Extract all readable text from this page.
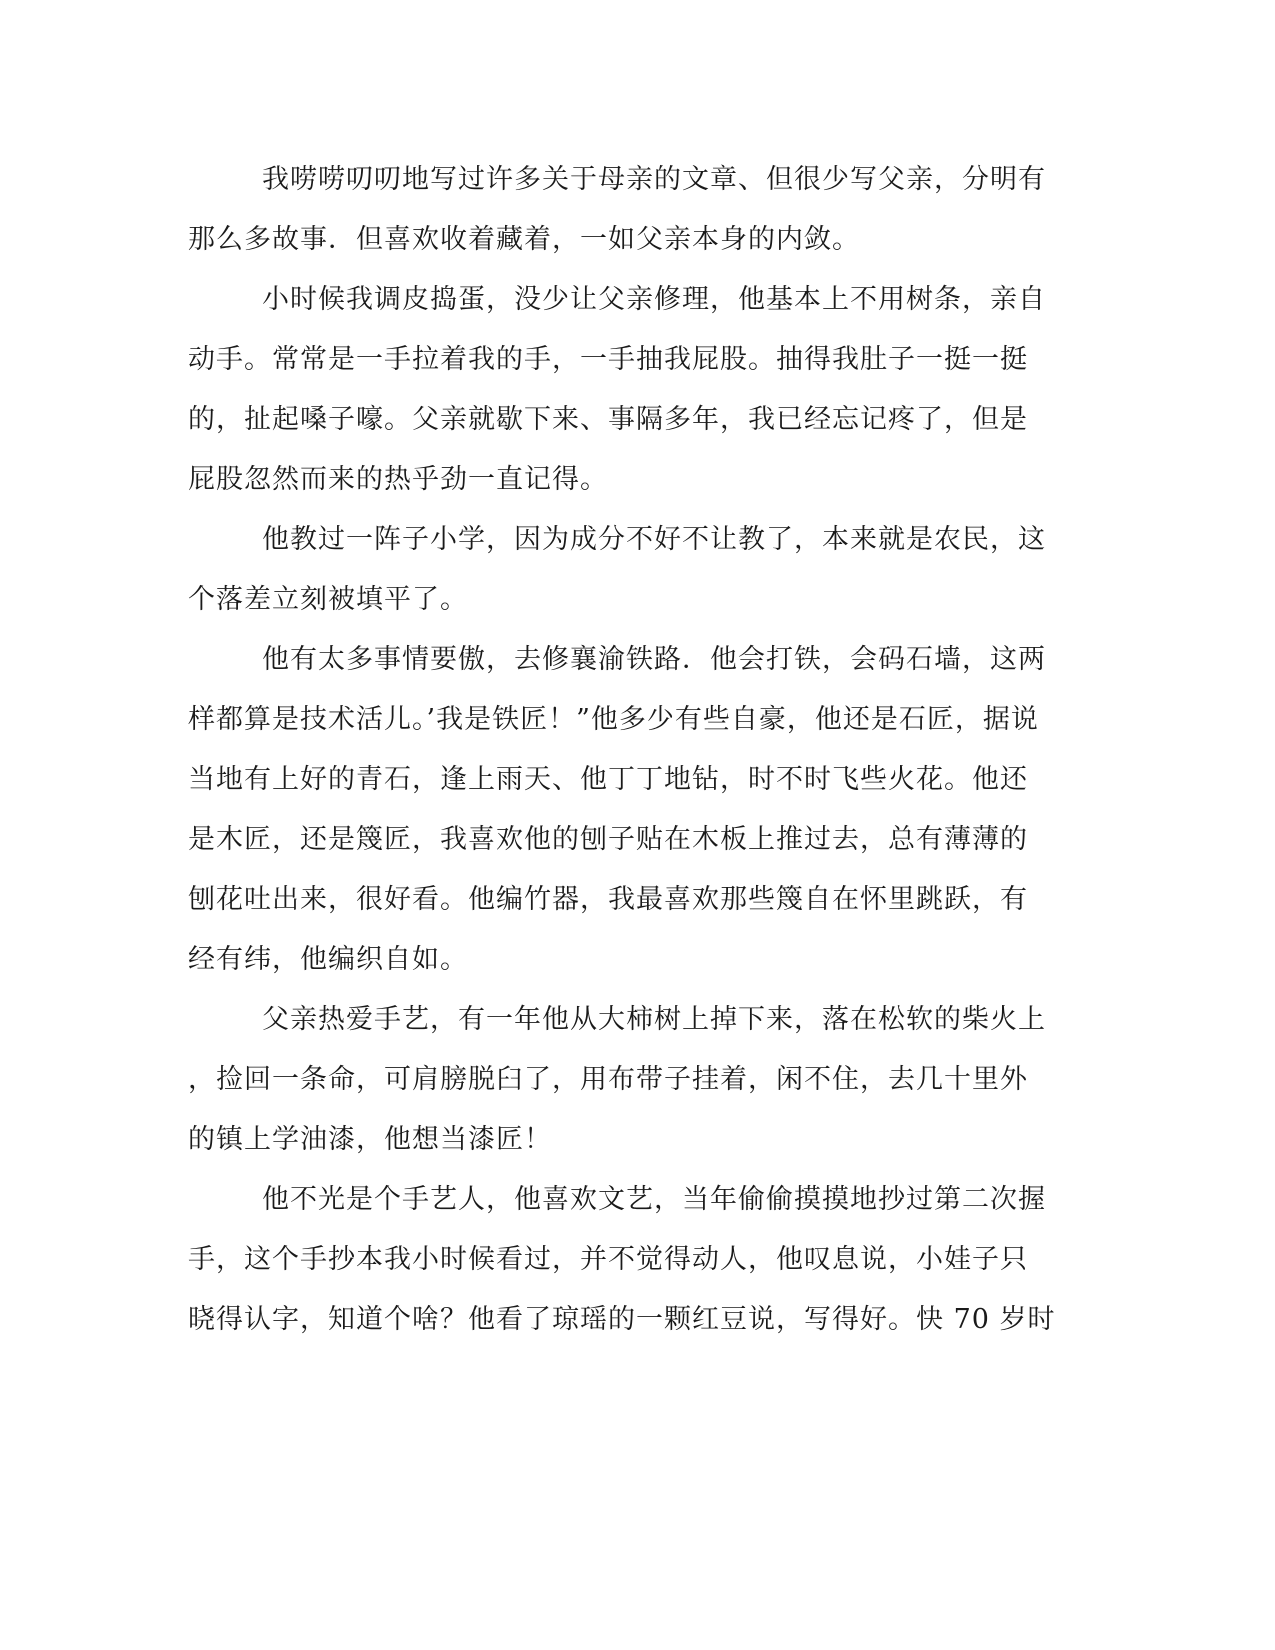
我唠唠叨叨地写过许多关于母亲的文章、但很少写父亲，分明有
那么多故事．但喜欢收着藏着，一如父亲本身的内敛。
小时候我调皮捣蛋，没少让父亲修理，他基本上不用树条，亲自
动手。常常是一手拉着我的手，一手抽我屁股。抽得我肚子一挺一挺
的，扯起嗓子嚎。父亲就歇下来、事隔多年，我已经忘记疼了，但是
屁股忽然而来的热乎劲一直记得。
他教过一阵子小学，因为成分不好不让教了，本来就是农民，这
个落差立刻被填平了。
他有太多事情要傲，去修襄渝铁路．他会打铁，会码石墙，这两
样都算是技术活儿。’我是铁匠！”他多少有些自豪，他还是石匠，据说
当地有上好的青石，逢上雨天、他丁丁地钻，时不时飞些火花。他还
是木匠，还是篾匠，我喜欢他的刨子贴在木板上推过去，总有薄薄的
刨花吐出来，很好看。他编竹器，我最喜欢那些篾自在怀里跳跃，有
经有纬，他编织自如。
父亲热爱手艺，有一年他从大柿树上掉下来，落在松软的柴火上
，捡回一条命，可肩膀脱臼了，用布带子挂着，闲不住，去几十里外
的镇上学油漆，他想当漆匠！
他不光是个手艺人，他喜欢文艺，当年偷偷摸摸地抄过第二次握
手，这个手抄本我小时候看过，并不觉得动人，他叹息说，小娃子只
晓得认字，知道个啥？他看了琼瑶的一颗红豆说，写得好。快 70 岁时
